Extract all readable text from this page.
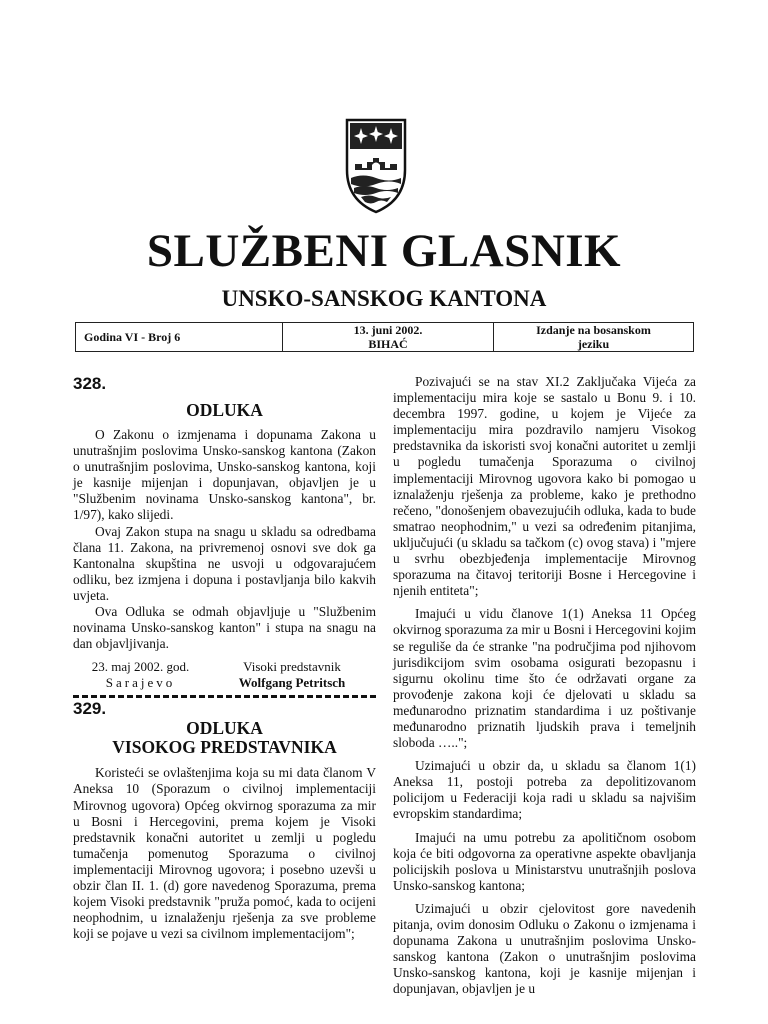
SLUŽBENI GLASNIK
UNSKO-SANSKOG KANTONA
Godina VI - Broj 6	13. juni 2002.
BIHAĆ
Izdanje na bosanskom
jeziku
328.
ODLUKA

O Zakonu o izmjenama i dopunama Zakona u unutrašnjim poslovima Unsko-sanskog kantona (Zakon o unutrašnjim poslovima, Unsko-sanskog kantona, koji je kasnije mijenjan i dopunjavan, objavljen je u "Službenim novinama Unsko-sanskog kantona", br. 1/97), kako slijedi.

Ovaj Zakon stupa na snagu u skladu sa odredbama člana 11. Zakona, na privremenoj osnovi sve dok ga Kantonalna skupština ne usvoji u odgovarajućem odliku, bez izmjena i dopuna i postavljanja bilo kakvih uvjeta.

Ova Odluka se odmah objavljuje u "Službenim novinama Unsko-sanskog kanton" i stupa na snagu na dan objavljivanja.

23. maj 2002. god.
Sarajevo
Visoki predstavnik
Wolfgang Petritsch
329.
ODLUKA
VISOKOG PREDSTAVNIKA

Koristeći se ovlaštenjima koja su mi data članom V Aneksa 10 (Sporazum o civilnoj implementaciji Mirovnog ugovora) Općeg okvirnog sporazuma za mir u Bosni i Hercegovini, prema kojem je Visoki predstavnik konačni autoritet u zemlji u pogledu tumačenja pomenutog Sporazuma o civilnoj implementaciji Mirovnog ugovora; i posebno uzevši u obzir član II. 1. (d) gore navedenog Sporazuma, prema kojem Visoki predstavnik "pruža pomoć, kada to ocijeni neophodnim, u iznalaženju rješenja za sve probleme koji se pojave u vezi sa civilnom implementacijom";

Pozivajući se na stav XI.2 Zaključaka Vijeća za implementaciju mira koje se sastalo u Bonu 9. i 10. decembra 1997. godine, u kojem je Vijeće za implementaciju mira pozdravilo namjeru Visokog predstavnika da iskoristi svoj konačni autoritet u zemlji u pogledu tumačenja Sporazuma o civilnoj implementaciji Mirovnog ugovora kako bi pomogao u iznalaženju rješenja za probleme, kako je prethodno rečeno, "donošenjem obavezujućih odluka, kada to bude smatrao neophodnim," u vezi sa određenim pitanjima, uključujući (u skladu sa tačkom (c) ovog stava) i "mjere u svrhu obezbjeđenja implementacije Mirovnog sporazuma na čitavoj teritoriji Bosne i Hercegovine i njenih entiteta";

Imajući u vidu članove 1(1) Aneksa 11 Općeg okvirnog sporazuma za mir u Bosni i Hercegovini kojim se reguliše da će stranke "na područjima pod njihovom jurisdikcijom svim osobama osigurati bezopasnu i sigurnu okolinu time što će održavati organe za provođenje zakona koji će djelovati u skladu sa međunarodno priznatim standardima i uz poštivanje međunarodno priznatih ljudskih prava i temeljnih sloboda …..";

Uzimajući u obzir da, u skladu sa članom 1(1) Aneksa 11, postoji potreba za depolitizovanom policijom u Federaciji koja radi u skladu sa najvišim evropskim standardima;

Imajući na umu potrebu za apolitičnom osobom koja će biti odgovorna za operativne aspekte obavljanja policijskih poslova u Ministarstvu unutrašnjih poslova Unsko-sanskog kantona;

Uzimajući u obzir cjelovitost gore navedenih pitanja, ovim donosim Odluku o Zakonu o izmjenama i dopunama Zakona u unutrašnjim poslovima Unsko-sanskog kantona (Zakon o unutrašnjim poslovima Unsko-sanskog kantona, koji je kasnije mijenjan i dopunjavan, objavljen je u
